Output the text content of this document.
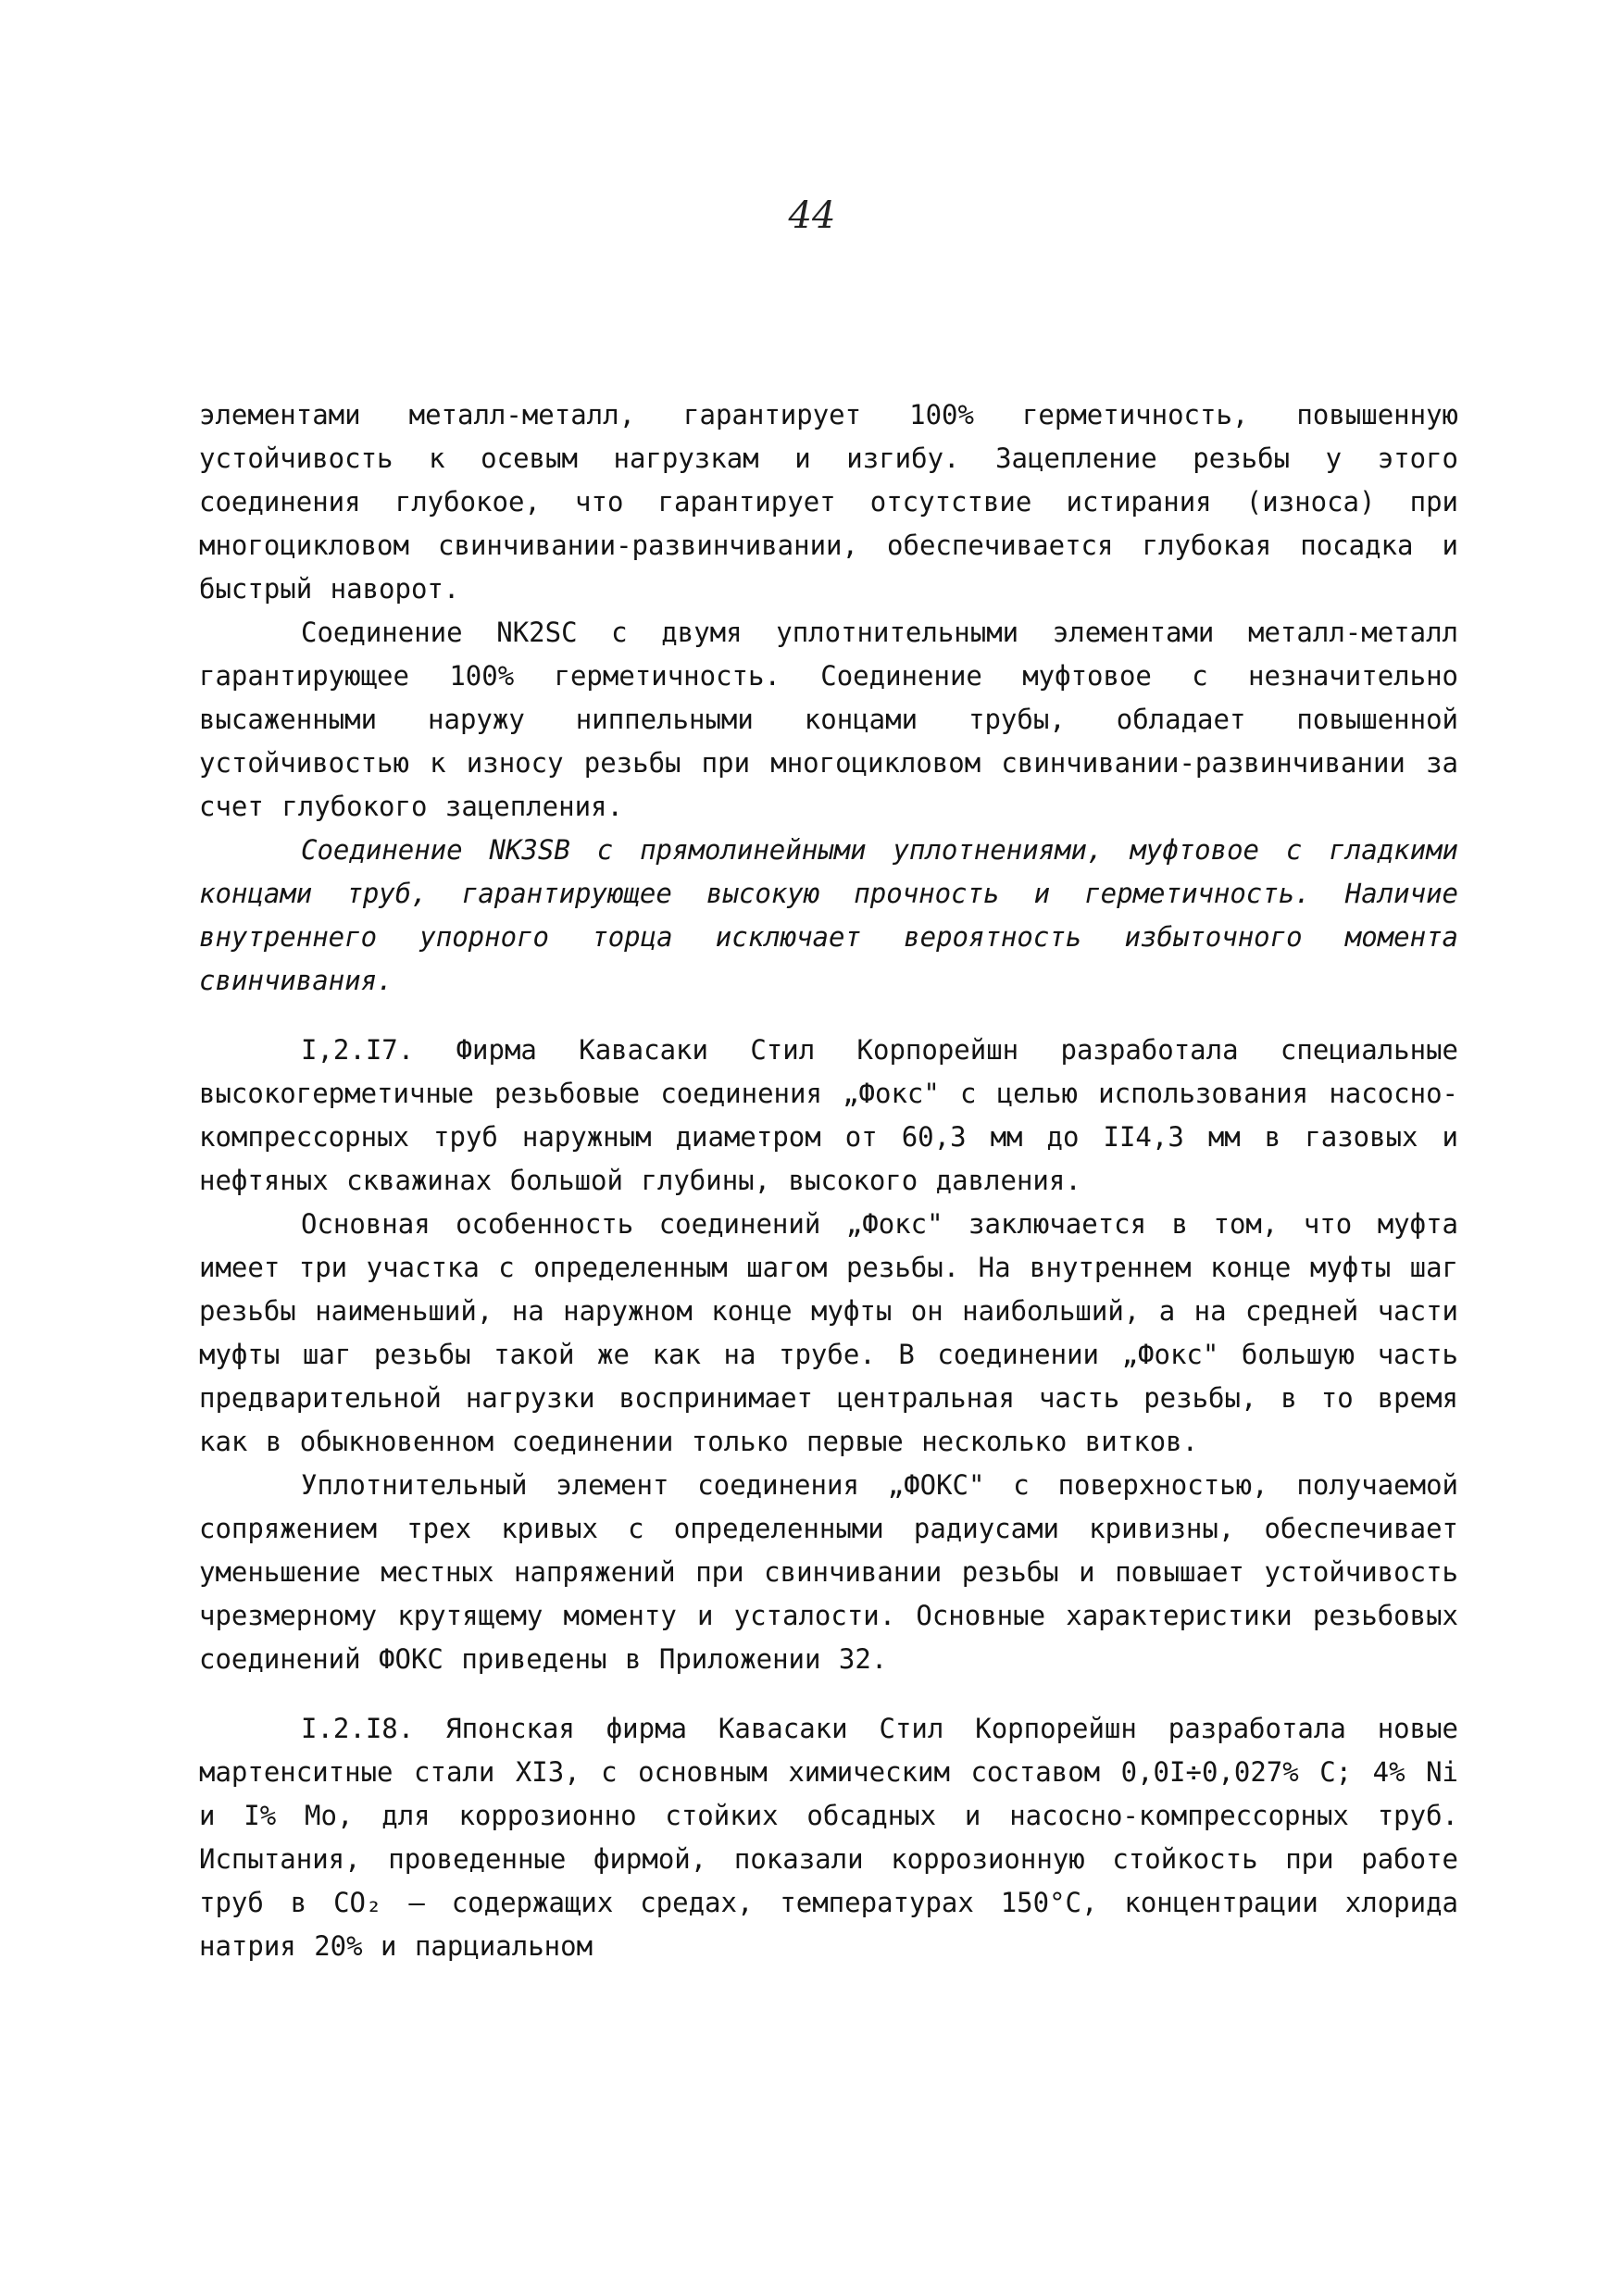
44

элементами металл-металл, гарантирует 100% герметичность, повышенную устойчивость к осевым нагрузкам и изгибу. Зацепление резьбы у этого соединения глубокое, что гарантирует отсутствие истирания (износа) при многоцикловом свинчивании-развинчивании, обеспечивается глубокая посадка и быстрый наворот.

Соединение NK2SC с двумя уплотнительными элементами металл-металл гарантирующее 100% герметичность. Соединение муфтовое с незначительно высаженными наружу ниппельными концами трубы, обладает повышенной устойчивостью к износу резьбы при многоцикловом свинчивании-развинчивании за счет глубокого зацепления.

Соединение NK3SB с прямолинейными уплотнениями, муфтовое с гладкими концами труб, гарантирующее высокую прочность и герметичность. Наличие внутреннего упорного торца исключает вероятность избыточного момента свинчивания.

I,2.I7. Фирма Кавасаки Стил Корпорейшн разработала специальные высокогерметичные резьбовые соединения „Фокс" с целью использования насосно-компрессорных труб наружным диаметром от 60,3 мм до II4,3 мм в газовых и нефтяных скважинах большой глубины, высокого давления.

Основная особенность соединений „Фокс" заключается в том, что муфта имеет три участка с определенным шагом резьбы. На внутреннем конце муфты шаг резьбы наименьший, на наружном конце муфты он наибольший, а на средней части муфты шаг резьбы такой же как на трубе. В соединении „Фокс" большую часть предварительной нагрузки воспринимает центральная часть резьбы, в то время как в обыкновенном соединении только первые несколько витков.

Уплотнительный элемент соединения „ФОКС" с поверхностью, получаемой сопряжением трех кривых с определенными радиусами кривизны, обеспечивает уменьшение местных напряжений при свинчивании резьбы и повышает устойчивость чрезмерному крутящему моменту и усталости. Основные характеристики резьбовых соединений ФОКС приведены в Приложении 32.

I.2.I8. Японская фирма Кавасаки Стил Корпорейшн разработала новые мартенситные стали XI3, с основным химическим составом 0,0I÷0,027% С; 4% Ni и I% Mo, для коррозионно стойких обсадных и насосно-компрессорных труб. Испытания, проведенные фирмой, показали коррозионную стойкость при работе труб в CO₂ – содержащих средах, температурах 150°С, концентрации хлорида натрия 20% и парциальном
